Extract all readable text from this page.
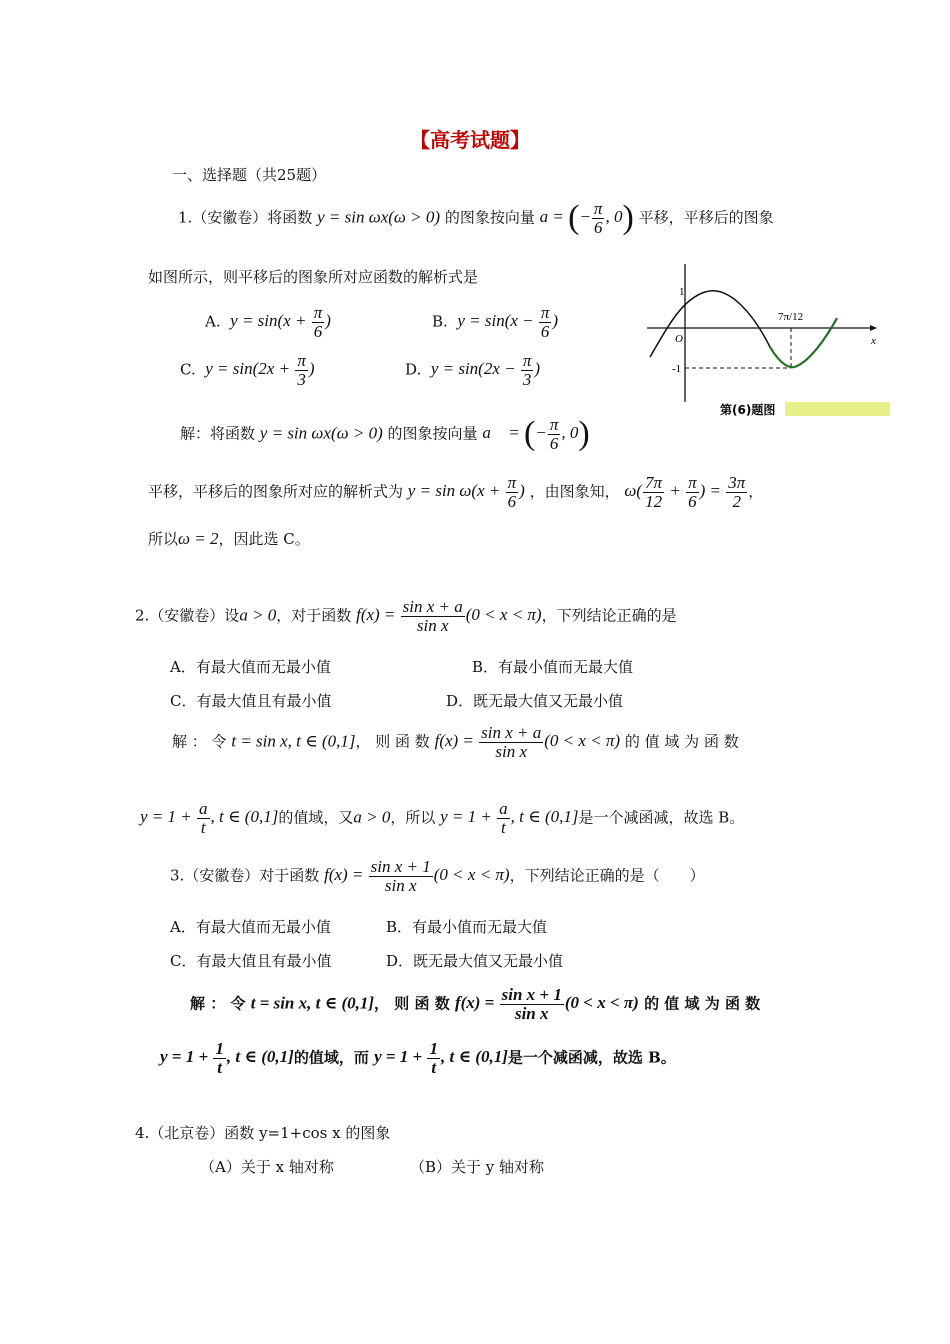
【高考试题】
一、选择题（共25题）
1.（安徽卷）将函数 y = sin ωx(ω > 0) 的图象按向量 a = (− $\frac{\pi}{6}$ , 0) 平移，平移后的图象
如图所示，则平移后的图象所对应函数的解析式是
A. $y = \sin(x + \frac{\pi}{6}$ )	B. $y = \sin(x - \frac{\pi}{6}$ )
C. $y = \sin(2x + \frac{\pi}{3}$ )	D. $y = \sin(2x - \frac{\pi}{3}$ )
x
1
-1
O
7π/12
第(6)题图
解：将函数 y = sin ωx(ω > 0) 的图象按向量 a⃗ = (− $\frac{\pi}{6}$ , 0)
平移，平移后的图象所对应的解析式为 $y = \sin \omega(x + \frac{\pi}{6}$ ) ，由图象知， $\omega( \frac{7\pi}{12} + \frac{\pi}{6}$ ) = $\frac{3\pi}{2}$ ，
所以ω = 2，因此选 C。
2.（安徽卷）设a > 0，对于函数 $f(x) = \frac{\text{sin x + a}}{\text{sin x}} (0 < x < \pi)$，下列结论正确的是
A．有最大值而无最小值	B．有最小值而无最大值
C．有最大值且有最小值	D．既无最大值又无最小值
解 ： 令 t = sin x, t ∈ (0,1]， 则 函 数 $f(x) = \frac{\text{sin x + a}}{\text{sin x}} (0 < x < \pi)$ 的 值 域 为 函 数
$y = 1 + \frac{a}{t}$ , t ∈ (0,1]的值域，又a > 0，所以 $y = 1 + \frac{a}{t}$ , t ∈ (0,1]是一个减函减，故选 B。
3.（安徽卷）对于函数 $f(x) = \frac{\text{sin x + 1}}{\text{sin x}} (0 < x < \pi)$，下列结论正确的是（　　）
A．有最大值而无最小值	B．有最小值而无最大值
C．有最大值且有最小值	D．既无最大值又无最小值
解 ： 令 t = sin x, t ∈ (0,1]， 则 函 数 $f(x) = \frac{\text{sin x + 1}}{\text{sin x}} (0 < x < \pi)$ 的 值 域 为 函 数
$y = 1 + \frac{1}{t}$ , t ∈ (0,1]的值域，而 $y = 1 + \frac{1}{t}$ , t ∈ (0,1]是一个减函减，故选 B。
4.（北京卷）函数 y=1+cos x 的图象
（A）关于 x 轴对称	（B）关于 y 轴对称
